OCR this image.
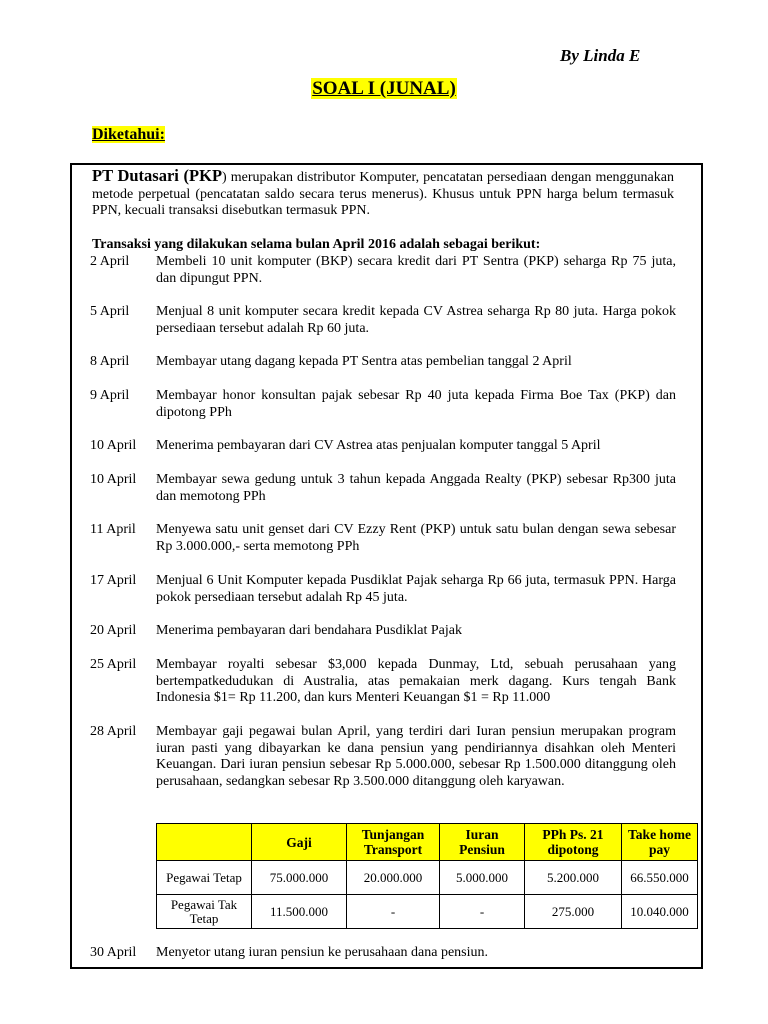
By Linda E
SOAL I (JUNAL)
Diketahui:
PT Dutasari (PKP) merupakan distributor Komputer, pencatatan persediaan dengan menggunakan metode perpetual (pencatatan saldo secara terus menerus). Khusus untuk PPN harga belum termasuk PPN, kecuali transaksi disebutkan termasuk PPN.
Transaksi yang dilakukan selama bulan April 2016 adalah sebagai berikut:
2 April Membeli 10 unit komputer (BKP) secara kredit dari PT Sentra (PKP) seharga Rp 75 juta, dan dipungut PPN.
5 April Menjual 8 unit komputer secara kredit kepada CV Astrea seharga Rp 80 juta. Harga pokok persediaan tersebut adalah Rp 60 juta.
8 April Membayar utang dagang kepada PT Sentra atas pembelian tanggal 2 April
9 April Membayar honor konsultan pajak sebesar Rp 40 juta kepada Firma Boe Tax (PKP) dan dipotong PPh
10 April Menerima pembayaran dari CV Astrea atas penjualan komputer tanggal 5 April
10 April Membayar sewa gedung untuk 3 tahun kepada Anggada Realty (PKP) sebesar Rp300 juta dan memotong PPh
11 April Menyewa satu unit genset dari CV Ezzy Rent (PKP) untuk satu bulan dengan sewa sebesar Rp 3.000.000,- serta memotong PPh
17 April Menjual 6 Unit Komputer kepada Pusdiklat Pajak seharga Rp 66 juta, termasuk PPN. Harga pokok persediaan tersebut adalah Rp 45 juta.
20 April Menerima pembayaran dari bendahara Pusdiklat Pajak
25 April Membayar royalti sebesar $3,000 kepada Dunmay, Ltd, sebuah perusahaan yang bertempatkedudukan di Australia, atas pemakaian merk dagang. Kurs tengah Bank Indonesia $1= Rp 11.200, dan kurs Menteri Keuangan $1 = Rp 11.000
28 April Membayar gaji pegawai bulan April, yang terdiri dari Iuran pensiun merupakan program iuran pasti yang dibayarkan ke dana pensiun yang pendiriannya disahkan oleh Menteri Keuangan. Dari iuran pensiun sebesar Rp 5.000.000, sebesar Rp 1.500.000 ditanggung oleh perusahaan, sedangkan sebesar Rp 3.500.000 ditanggung oleh karyawan.
	Gaji	Tunjangan Transport	Iuran Pensiun	PPh Ps. 21 dipotong	Take home pay
Pegawai Tetap	75.000.000	20.000.000	5.000.000	5.200.000	66.550.000
Pegawai Tak Tetap	11.500.000	-	-	275.000	10.040.000
30 April Menyetor utang iuran pensiun ke perusahaan dana pensiun.
